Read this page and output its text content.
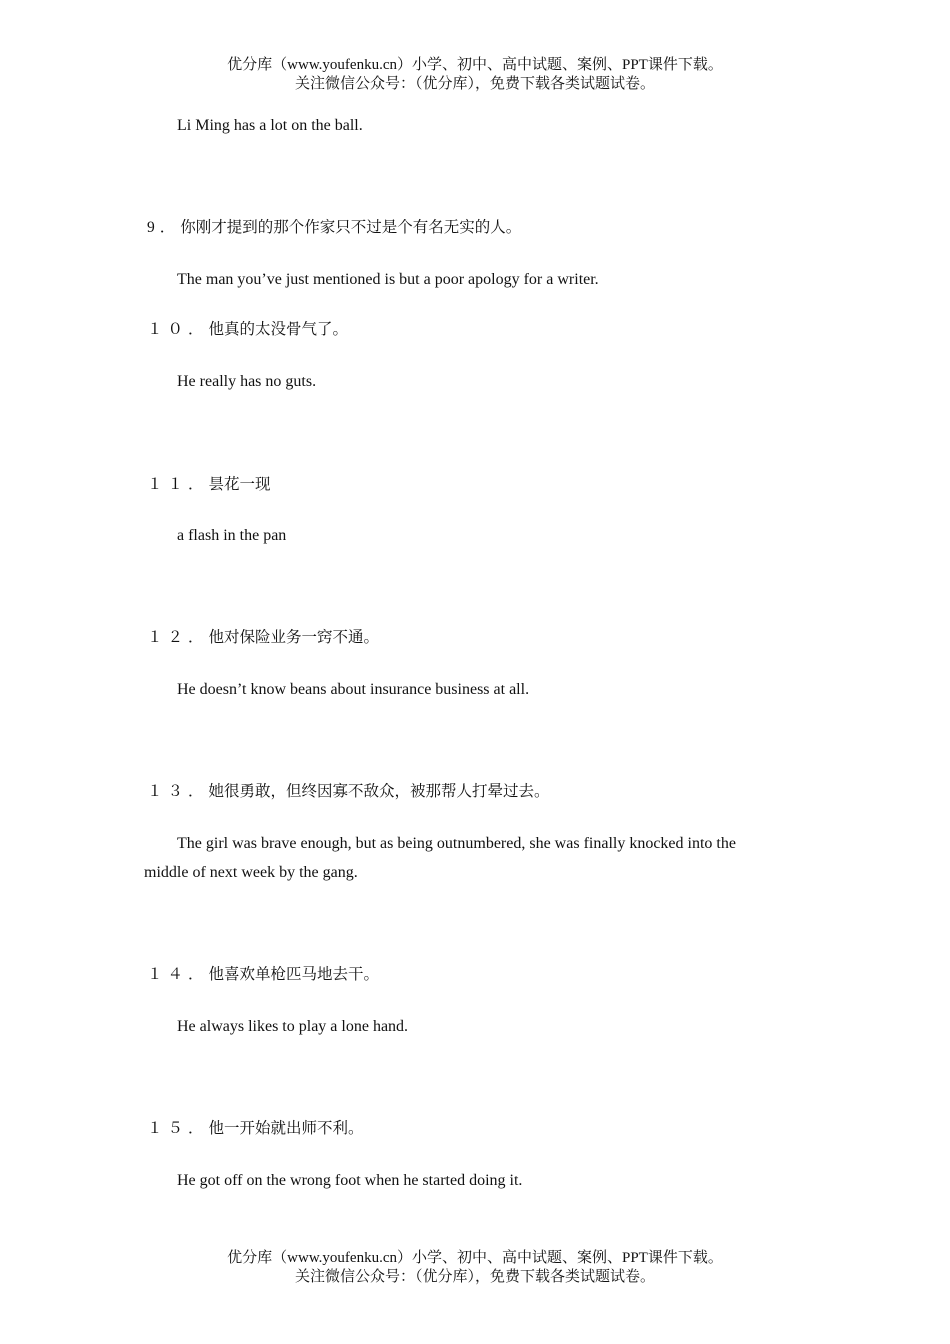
优分库（www.youfenku.cn）小学、初中、高中试题、案例、PPT课件下载。
关注微信公众号：（优分库），免费下载各类试题试卷。
Li Ming has a lot on the ball.
9．你刚才提到的那个作家只不过是个有名无实的人。
The man you’ve just mentioned is but a poor apology for a writer.
１０．他真的太没骨气了。
He really has no guts.
１１．昙花一现
a flash in the pan
１２．他对保险业务一窍不通。
He doesn’t know beans about insurance business at all.
１３．她很勇敢，但终因寡不敌众，被那帮人打晕过去。
The girl was brave enough, but as being outnumbered, she was finally knocked into the
middle of next week by the gang.
１４．他喜欢单枪匹马地去干。
He always likes to play a lone hand.
１５．他一开始就出师不利。
He got off on the wrong foot when he started doing it.
优分库（www.youfenku.cn）小学、初中、高中试题、案例、PPT课件下载。
关注微信公众号：（优分库），免费下载各类试题试卷。
